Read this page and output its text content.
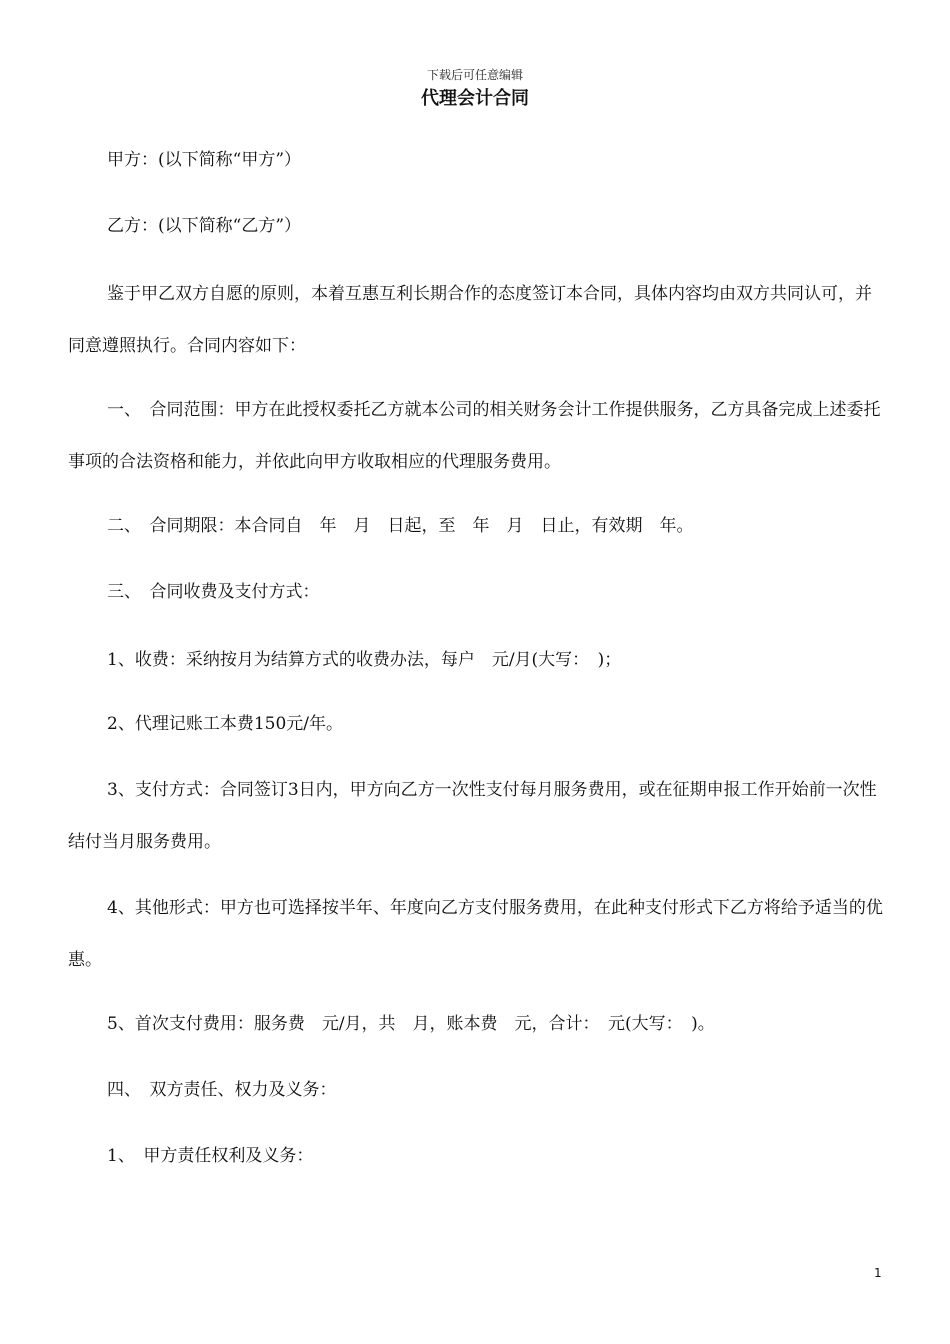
下载后可任意编辑
代理会计合同

甲方：(以下简称“甲方”）

乙方：(以下简称“乙方”）

鉴于甲乙双方自愿的原则，本着互惠互利长期合作的态度签订本合同，具体内容均由双方共同认可，并同意遵照执行。合同内容如下：

一、　合同范围：甲方在此授权委托乙方就本公司的相关财务会计工作提供服务，乙方具备完成上述委托事项的合法资格和能力，并依此向甲方收取相应的代理服务费用。

二、　合同期限：本合同自　年　月　日起，至　年　月　日止，有效期　年。

三、　合同收费及支付方式：

1、收费：采纳按月为结算方式的收费办法，每户　元/月(大写：　)；

2、代理记账工本费150元/年。

3、支付方式：合同签订3日内，甲方向乙方一次性支付每月服务费用，或在征期申报工作开始前一次性结付当月服务费用。

4、其他形式：甲方也可选择按半年、年度向乙方支付服务费用，在此种支付形式下乙方将给予适当的优惠。

5、首次支付费用：服务费　元/月，共　月，账本费　元，合计：　元(大写：　)。

四、　双方责任、权力及义务：

1、　甲方责任权利及义务：

1
